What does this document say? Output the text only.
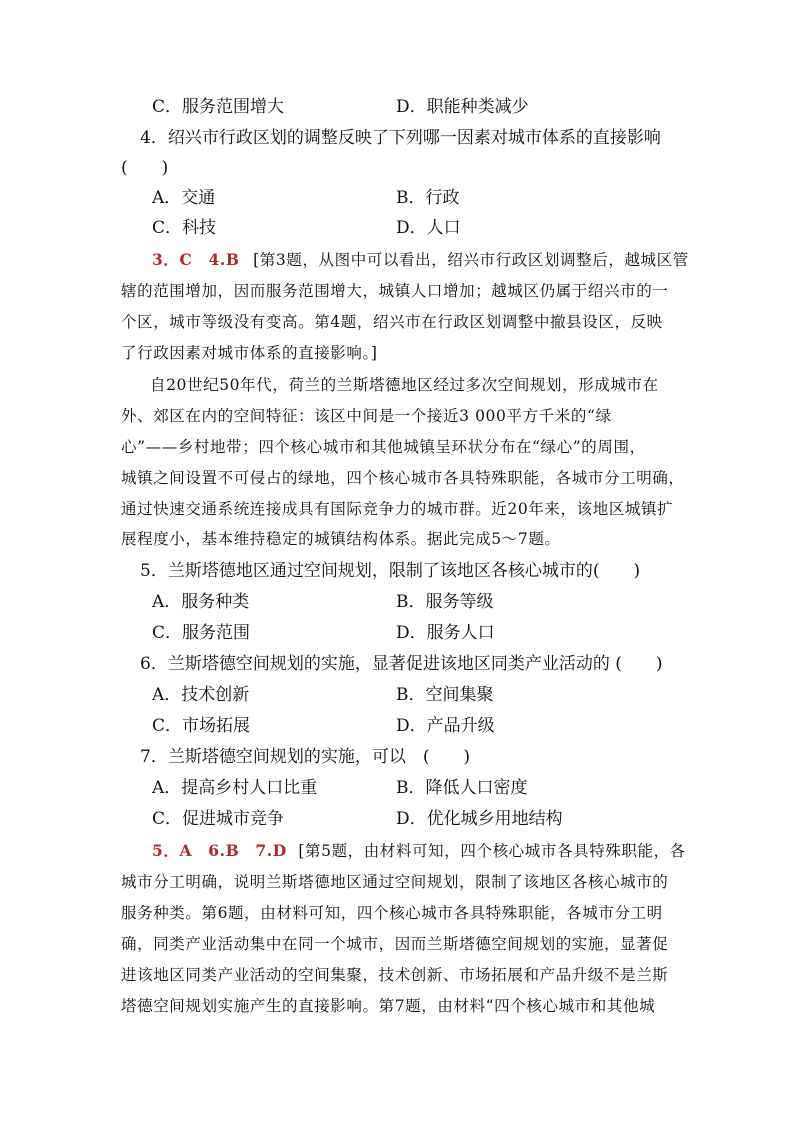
C．服务范围增大	D．职能种类减少
4．绍兴市行政区划的调整反映了下列哪一因素对城市体系的直接影响
(　　)
A．交通	B．行政
C．科技	D．人口
3．C　4.B [第3题，从图中可以看出，绍兴市行政区划调整后，越城区管
辖的范围增加，因而服务范围增大，城镇人口增加；越城区仍属于绍兴市的一
个区，城市等级没有变高。第4题，绍兴市在行政区划调整中撤县设区，反映
了行政因素对城市体系的直接影响。]
自20世纪50年代，荷兰的兰斯塔德地区经过多次空间规划，形成城市在
外、郊区在内的空间特征：该区中间是一个接近3 000平方千米的“绿
心”——乡村地带；四个核心城市和其他城镇呈环状分布在“绿心”的周围，
城镇之间设置不可侵占的绿地，四个核心城市各具特殊职能，各城市分工明确，
通过快速交通系统连接成具有国际竞争力的城市群。近20年来，该地区城镇扩
展程度小，基本维持稳定的城镇结构体系。据此完成5～7题。
5．兰斯塔德地区通过空间规划，限制了该地区各核心城市的(　　)
A．服务种类	B．服务等级
C．服务范围	D．服务人口
6．兰斯塔德空间规划的实施，显著促进该地区同类产业活动的 (　　)
A．技术创新	B．空间集聚
C．市场拓展	D．产品升级
7．兰斯塔德空间规划的实施，可以　(　　)
A．提高乡村人口比重	B．降低人口密度
C．促进城市竞争	D．优化城乡用地结构
5．A　6.B　7.D [第5题，由材料可知，四个核心城市各具特殊职能，各
城市分工明确，说明兰斯塔德地区通过空间规划，限制了该地区各核心城市的
服务种类。第6题，由材料可知，四个核心城市各具特殊职能，各城市分工明
确，同类产业活动集中在同一个城市，因而兰斯塔德空间规划的实施，显著促
进该地区同类产业活动的空间集聚，技术创新、市场拓展和产品升级不是兰斯
塔德空间规划实施产生的直接影响。第7题，由材料“四个核心城市和其他城
